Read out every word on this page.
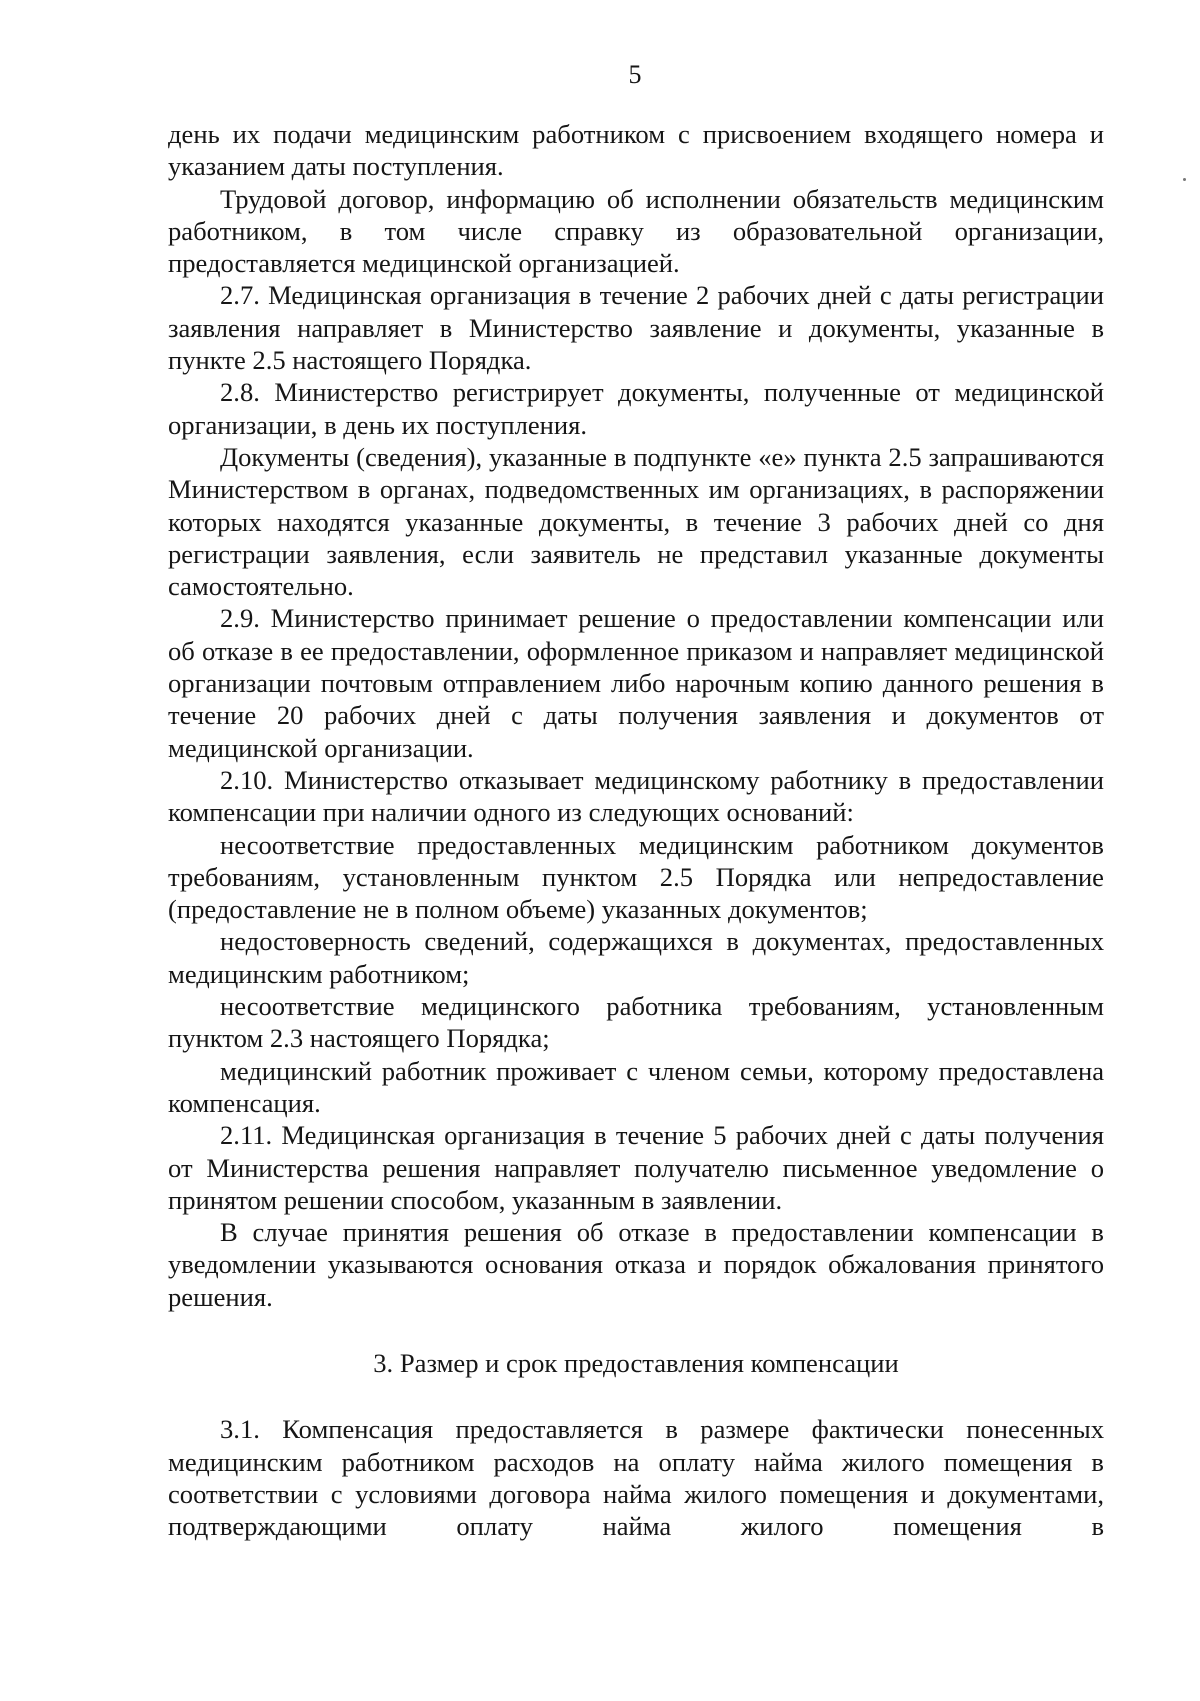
5

день их подачи медицинским работником с присвоением входящего номера и указанием даты поступления.

Трудовой договор, информацию об исполнении обязательств медицинским работником, в том числе справку из образовательной организации, предоставляется медицинской организацией.

2.7. Медицинская организация в течение 2 рабочих дней с даты регистрации заявления направляет в Министерство заявление и документы, указанные в пункте 2.5 настоящего Порядка.

2.8. Министерство регистрирует документы, полученные от медицинской организации, в день их поступления.

Документы (сведения), указанные в подпункте «е» пункта 2.5 запрашиваются Министерством в органах, подведомственных им организациях, в распоряжении которых находятся указанные документы, в течение 3 рабочих дней со дня регистрации заявления, если заявитель не представил указанные документы самостоятельно.

2.9. Министерство принимает решение о предоставлении компенсации или об отказе в ее предоставлении, оформленное приказом и направляет медицинской организации почтовым отправлением либо нарочным копию данного решения в течение 20 рабочих дней с даты получения заявления и документов от медицинской организации.

2.10. Министерство отказывает медицинскому работнику в предоставлении компенсации при наличии одного из следующих оснований:

несоответствие предоставленных медицинским работником документов требованиям, установленным пунктом 2.5 Порядка или непредоставление (предоставление не в полном объеме) указанных документов;

недостоверность сведений, содержащихся в документах, предоставленных медицинским работником;

несоответствие медицинского работника требованиям, установленным пунктом 2.3 настоящего Порядка;

медицинский работник проживает с членом семьи, которому предоставлена компенсация.

2.11. Медицинская организация в течение 5 рабочих дней с даты получения от Министерства решения направляет получателю письменное уведомление о принятом решении способом, указанным в заявлении.

В случае принятия решения об отказе в предоставлении компенсации в уведомлении указываются основания отказа и порядок обжалования принятого решения.

3. Размер и срок предоставления компенсации

3.1. Компенсация предоставляется в размере фактически понесенных медицинским работником расходов на оплату найма жилого помещения в соответствии с условиями договора найма жилого помещения и документами, подтверждающими оплату найма жилого помещения в
